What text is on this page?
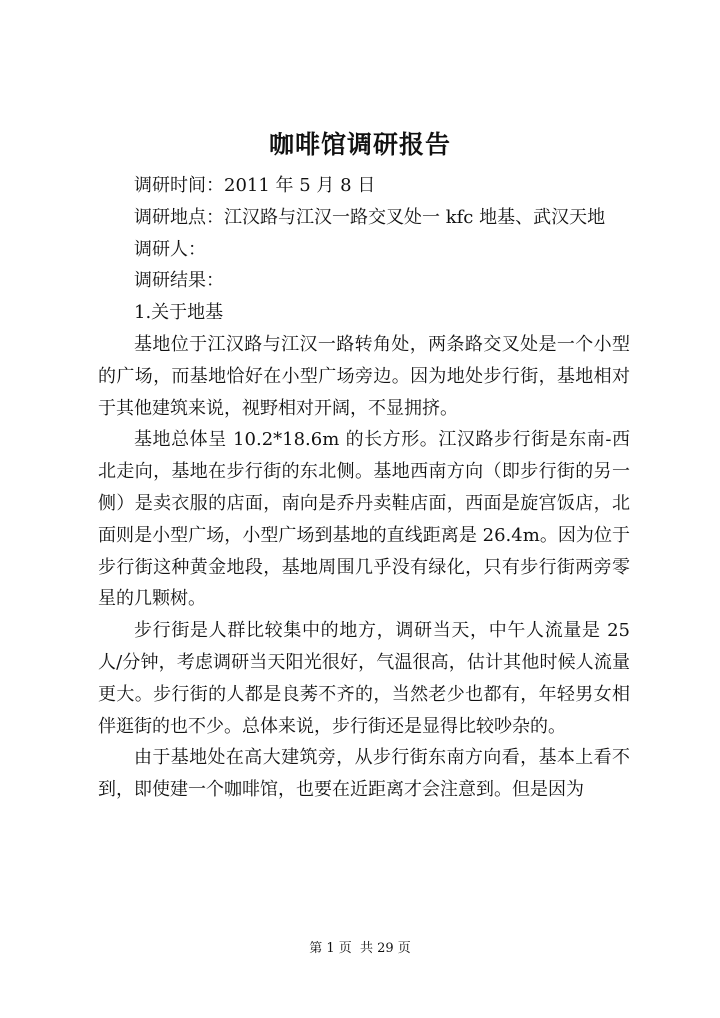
咖啡馆调研报告

调研时间：2011 年 5 月 8 日

调研地点：江汉路与江汉一路交叉处一 kfc 地基、武汉天地

调研人：

调研结果：

1.关于地基

基地位于江汉路与江汉一路转角处，两条路交叉处是一个小型的广场，而基地恰好在小型广场旁边。因为地处步行街，基地相对于其他建筑来说，视野相对开阔，不显拥挤。

基地总体呈 10.2*18.6m 的长方形。江汉路步行街是东南-西北走向，基地在步行街的东北侧。基地西南方向（即步行街的另一侧）是卖衣服的店面，南向是乔丹卖鞋店面，西面是旋宫饭店，北面则是小型广场，小型广场到基地的直线距离是 26.4m。因为位于步行街这种黄金地段，基地周围几乎没有绿化，只有步行街两旁零星的几颗树。

步行街是人群比较集中的地方，调研当天，中午人流量是 25 人/分钟，考虑调研当天阳光很好，气温很高，估计其他时候人流量更大。步行街的人都是良莠不齐的，当然老少也都有，年轻男女相伴逛街的也不少。总体来说，步行街还是显得比较吵杂的。

由于基地处在高大建筑旁，从步行街东南方向看，基本上看不到，即使建一个咖啡馆，也要在近距离才会注意到。但是因为

第 1 页  共 29 页
